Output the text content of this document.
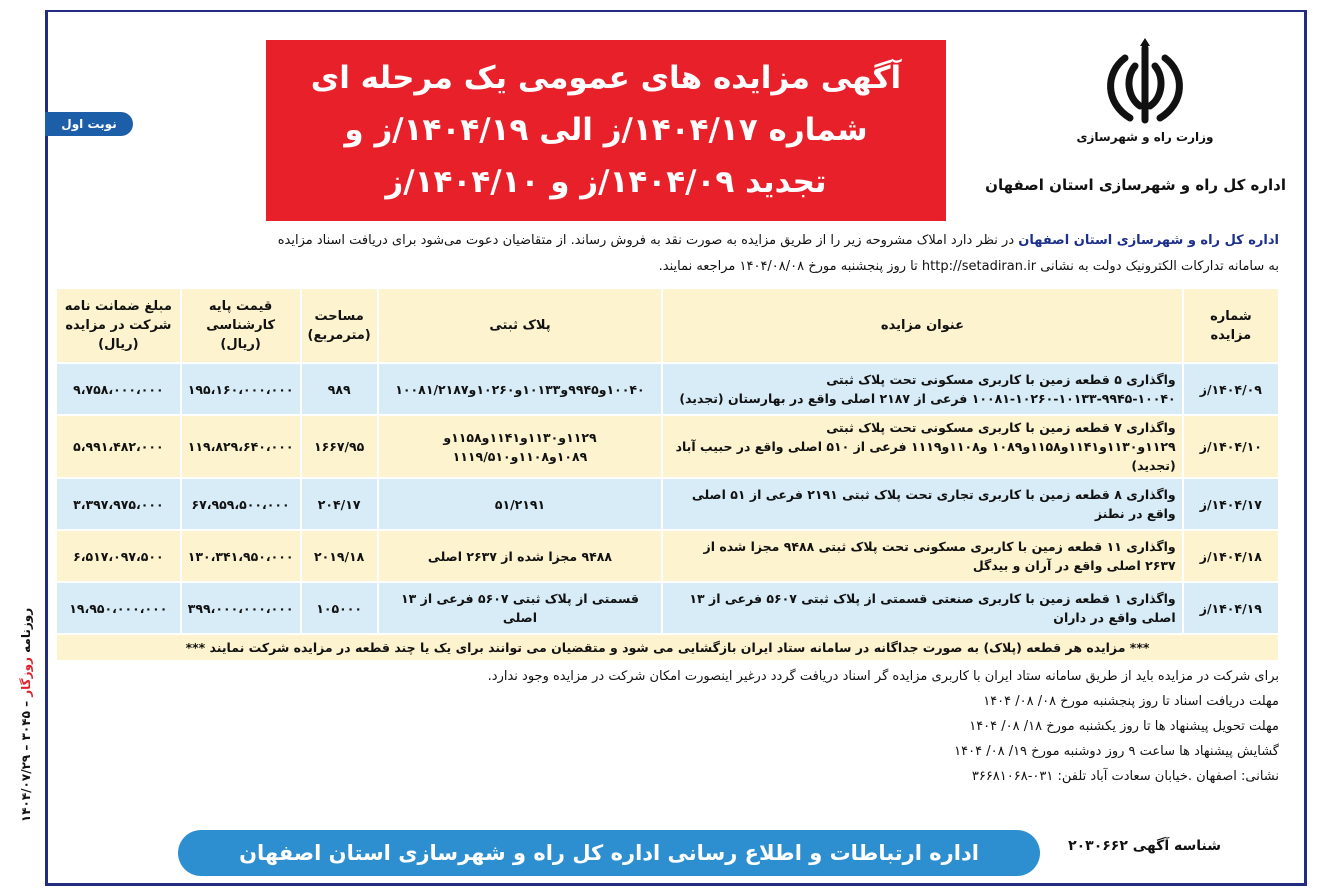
روزنامه روزگار – ۳۰۴۵ – ۱۴۰۴/۰۷/۲۹
آگهی مزایده های عمومی یک مرحله ای
شماره ۱۴۰۴/۱۷/ز الی ۱۴۰۴/۱۹/ز و
تجدید ۱۴۰۴/۰۹/ز و ۱۴۰۴/۱۰/ز
وزارت راه و شهرسازی
اداره کل راه و شهرسازی استان اصفهان
نوبت اول
اداره کل راه و شهرسازی استان اصفهان در نظر دارد املاک مشروحه زیر را از طریق مزایده به صورت نقد به فروش رساند. از متقاضیان دعوت می‌شود برای دریافت اسناد مزایده
به سامانه تدارکات الکترونیک دولت به نشانی http://setadiran.ir تا روز پنجشنبه مورخ ۱۴۰۴/۰۸/۰۸ مراجعه نمایند.
شماره مزایده	عنوان مزایده	پلاک ثبتی	مساحت (مترمربع)	قیمت پایه کارشناسی (ریال)	مبلغ ضمانت نامه شرکت در مزایده (ریال)
۱۴۰۴/۰۹/ز	واگذاری ۵ قطعه زمین با کاربری مسکونی تحت پلاک ثبتی ۱۰۰۴۰-۹۹۴۵-۱۰۱۳۳-۱۰۲۶۰-۱۰۰۸۱ فرعی از ۲۱۸۷ اصلی واقع در بهارستان (تجدید)	۱۰۰۴۰و۹۹۴۵و۱۰۱۳۳و۱۰۲۶۰و۱۰۰۸۱/۲۱۸۷	۹۸۹	۱۹۵،۱۶۰،۰۰۰،۰۰۰	۹،۷۵۸،۰۰۰،۰۰۰
۱۴۰۴/۱۰/ز	واگذاری ۷ قطعه زمین با کاربری مسکونی تحت پلاک ثبتی ۱۱۲۹و۱۱۳۰و۱۱۴۱و۱۱۵۸و۱۰۸۹ و۱۱۰۸و۱۱۱۹ فرعی از ۵۱۰ اصلی واقع در حبیب آباد (تجدید)	۱۱۲۹و۱۱۳۰و۱۱۴۱و۱۱۵۸و ۱۰۸۹و۱۱۰۸و۱۱۱۹/۵۱۰	۱۶۶۷/۹۵	۱۱۹،۸۲۹،۶۴۰،۰۰۰	۵،۹۹۱،۴۸۲،۰۰۰
۱۴۰۴/۱۷/ز	واگذاری ۸ قطعه زمین با کاربری تجاری تحت پلاک ثبتی ۲۱۹۱ فرعی از ۵۱ اصلی واقع در نطنز	۵۱/۲۱۹۱	۲۰۴/۱۷	۶۷،۹۵۹،۵۰۰،۰۰۰	۳،۳۹۷،۹۷۵،۰۰۰
۱۴۰۴/۱۸/ز	واگذاری ۱۱ قطعه زمین با کاربری مسکونی تحت پلاک ثبتی ۹۴۸۸ مجزا شده از ۲۶۳۷ اصلی واقع در آران و بیدگل	۹۴۸۸ مجزا شده از ۲۶۳۷ اصلی	۲۰۱۹/۱۸	۱۳۰،۳۴۱،۹۵۰،۰۰۰	۶،۵۱۷،۰۹۷،۵۰۰
۱۴۰۴/۱۹/ز	واگذاری ۱ قطعه زمین با کاربری صنعتی قسمتی از پلاک ثبتی ۵۶۰۷ فرعی از ۱۳ اصلی واقع در داران	قسمتی از پلاک ثبتی ۵۶۰۷ فرعی از ۱۳ اصلی	۱۰۵۰۰۰	۳۹۹،۰۰۰،۰۰۰،۰۰۰	۱۹،۹۵۰،۰۰۰،۰۰۰
*** مزایده هر قطعه (پلاک) به صورت جداگانه در سامانه ستاد ایران بازگشایی می شود و متقضیان می توانند برای یک یا چند قطعه در مزایده شرکت نمایند ***					
برای شرکت در مزایده باید از طریق سامانه ستاد ایران با کاربری مزایده گر اسناد دریافت گردد درغیر اینصورت امکان شرکت در مزایده وجود ندارد.
مهلت دریافت اسناد تا روز پنجشنبه مورخ ۰۸/ ۰۸/ ۱۴۰۴
مهلت تحویل پیشنهاد ها تا روز یکشنبه مورخ ۱۸/ ۰۸/ ۱۴۰۴
گشایش پیشنهاد ها ساعت ۹ روز دوشنبه مورخ ۱۹/ ۰۸/ ۱۴۰۴
نشانی: اصفهان .خیابان سعادت آباد تلفن: ۰۳۱-۳۶۶۸۱۰۶۸
شناسه آگهی ۲۰۳۰۶۶۲
اداره ارتباطات و اطلاع رسانی اداره کل راه و شهرسازی استان اصفهان
